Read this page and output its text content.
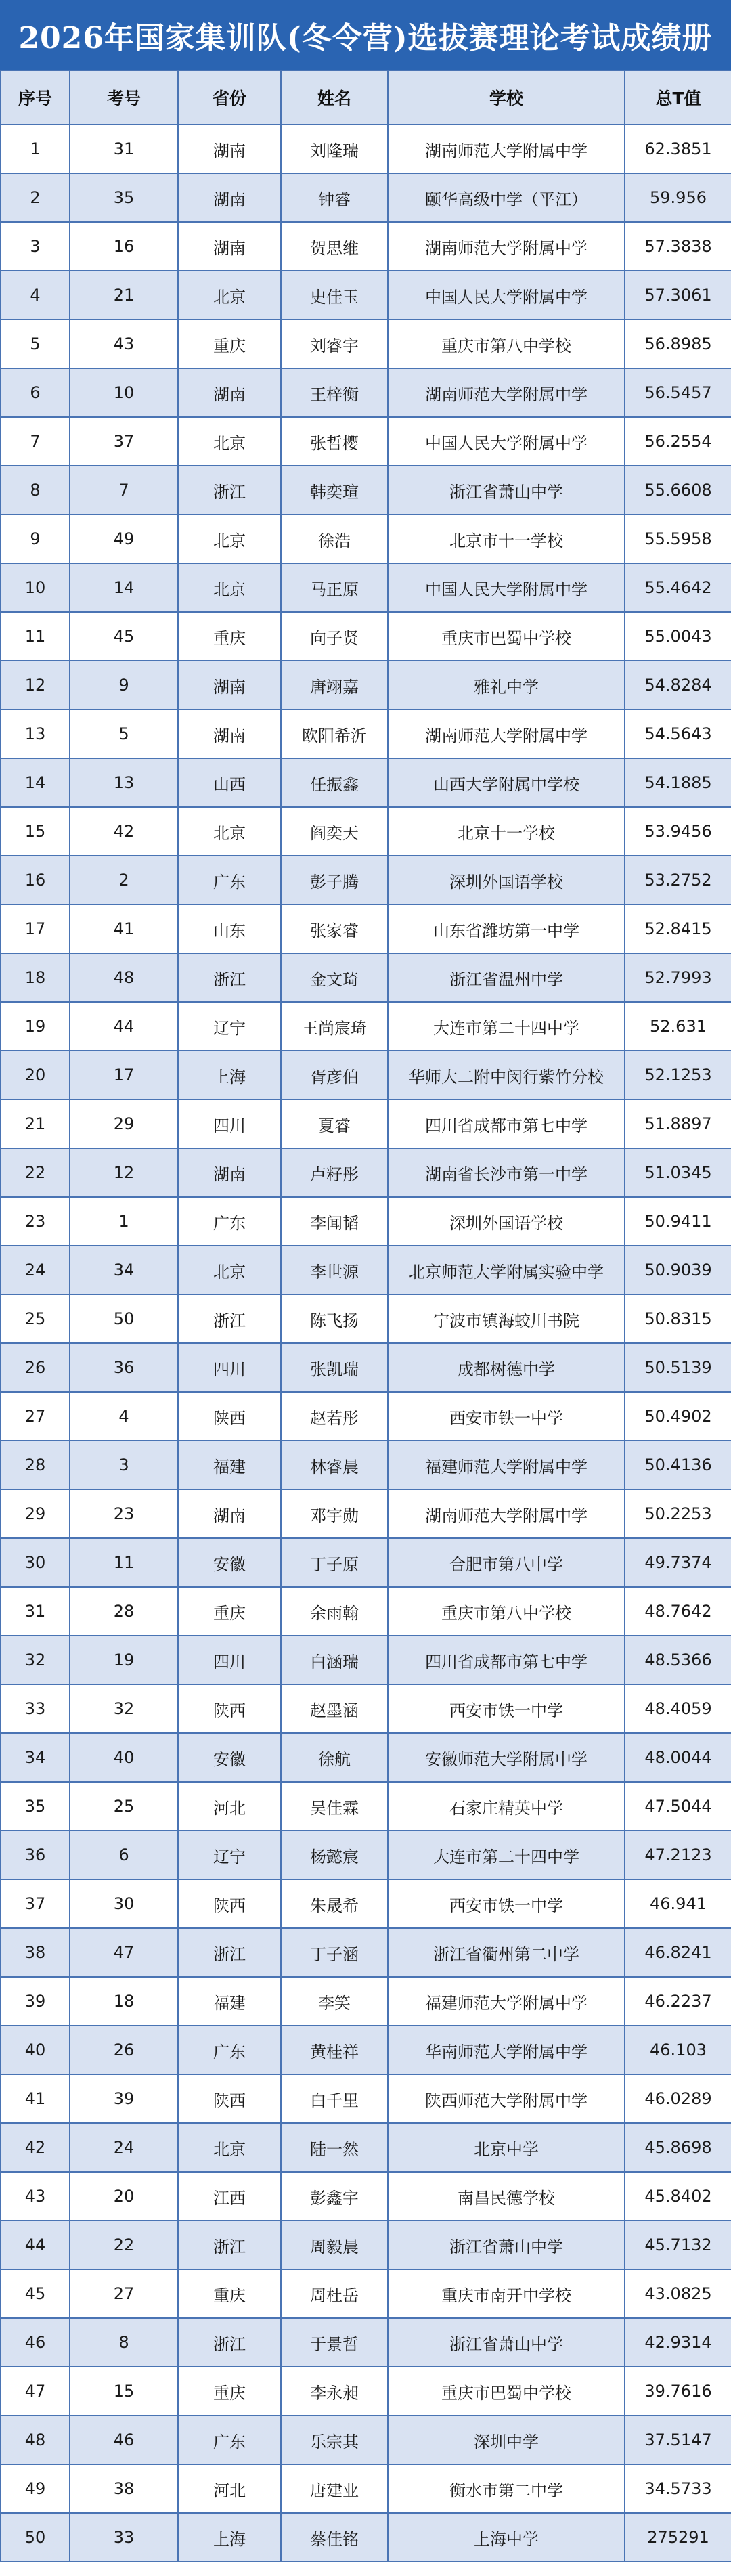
2026年国家集训队(冬令营)选拔赛理论考试成绩册
序号	考号	省份	姓名	学校	总T值
1	31	湖南	刘隆瑞	湖南师范大学附属中学	62.3851
2	35	湖南	钟睿	颐华高级中学（平江）	59.956
3	16	湖南	贺思维	湖南师范大学附属中学	57.3838
4	21	北京	史佳玉	中国人民大学附属中学	57.3061
5	43	重庆	刘睿宇	重庆市第八中学校	56.8985
6	10	湖南	王梓衡	湖南师范大学附属中学	56.5457
7	37	北京	张哲樱	中国人民大学附属中学	56.2554
8	7	浙江	韩奕瑄	浙江省萧山中学	55.6608
9	49	北京	徐浩	北京市十一学校	55.5958
10	14	北京	马正原	中国人民大学附属中学	55.4642
11	45	重庆	向子贤	重庆市巴蜀中学校	55.0043
12	9	湖南	唐翊嘉	雅礼中学	54.8284
13	5	湖南	欧阳希沂	湖南师范大学附属中学	54.5643
14	13	山西	任振鑫	山西大学附属中学校	54.1885
15	42	北京	阎奕天	北京十一学校	53.9456
16	2	广东	彭子腾	深圳外国语学校	53.2752
17	41	山东	张家睿	山东省潍坊第一中学	52.8415
18	48	浙江	金文琦	浙江省温州中学	52.7993
19	44	辽宁	王尚宸琦	大连市第二十四中学	52.631
20	17	上海	胥彦伯	华师大二附中闵行紫竹分校	52.1253
21	29	四川	夏睿	四川省成都市第七中学	51.8897
22	12	湖南	卢籽彤	湖南省长沙市第一中学	51.0345
23	1	广东	李闻韬	深圳外国语学校	50.9411
24	34	北京	李世源	北京师范大学附属实验中学	50.9039
25	50	浙江	陈飞扬	宁波市镇海蛟川书院	50.8315
26	36	四川	张凯瑞	成都树德中学	50.5139
27	4	陕西	赵若彤	西安市铁一中学	50.4902
28	3	福建	林睿晨	福建师范大学附属中学	50.4136
29	23	湖南	邓宇勋	湖南师范大学附属中学	50.2253
30	11	安徽	丁子原	合肥市第八中学	49.7374
31	28	重庆	余雨翰	重庆市第八中学校	48.7642
32	19	四川	白涵瑞	四川省成都市第七中学	48.5366
33	32	陕西	赵墨涵	西安市铁一中学	48.4059
34	40	安徽	徐航	安徽师范大学附属中学	48.0044
35	25	河北	吴佳霖	石家庄精英中学	47.5044
36	6	辽宁	杨懿宸	大连市第二十四中学	47.2123
37	30	陕西	朱晟希	西安市铁一中学	46.941
38	47	浙江	丁子涵	浙江省衢州第二中学	46.8241
39	18	福建	李笑	福建师范大学附属中学	46.2237
40	26	广东	黄桂祥	华南师范大学附属中学	46.103
41	39	陕西	白千里	陕西师范大学附属中学	46.0289
42	24	北京	陆一然	北京中学	45.8698
43	20	江西	彭鑫宇	南昌民德学校	45.8402
44	22	浙江	周毅晨	浙江省萧山中学	45.7132
45	27	重庆	周杜岳	重庆市南开中学校	43.0825
46	8	浙江	于景哲	浙江省萧山中学	42.9314
47	15	重庆	李永昶	重庆市巴蜀中学校	39.7616
48	46	广东	乐宗其	深圳中学	37.5147
49	38	河北	唐建业	衡水市第二中学	34.5733
50	33	上海	蔡佳铭	上海中学	275291
